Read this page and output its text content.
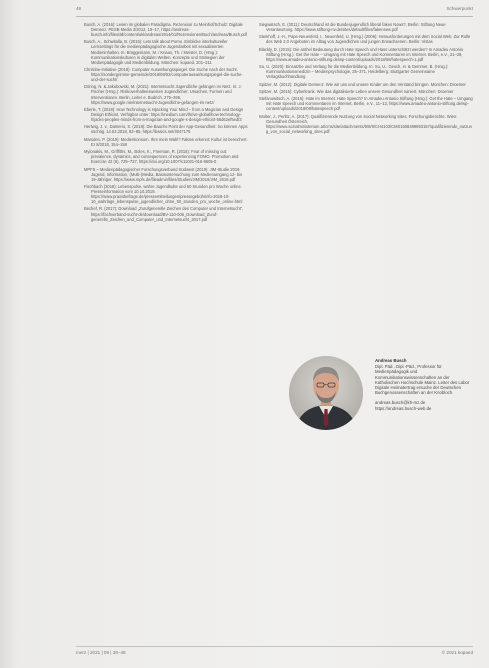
48	Schwerpunkt

Busch, A. (2016): Lesen im globalen Paradigma. Rezension zu Meinhof/Schulz: Digitale Demenz. PESB Media 3/2012, 15–17, https://andreas-busch.info/files/all/content/ukl/andreas/2014/01/Rezensionen/Buch/andreas/Busch.pdf

Busch, A., Schwitalla, B. (2016): Lets talk about Porno. Einblicke interkultureller Lernsettings für die medienpädagogische Jugendarbeit mit sexualisierten Medieninhalten. In: Brüggemann, M. / Knaus, Th. / Meister, D. (Hrsg.): Kommunikationskulturen in digitalen Welten. Konzepte und Strategien der Medienpädagogik und Medienbildung. München: kopaed, 201–211

Christine-Initiative (2018): Computer Auswirkungsspiegel. Die Suche nach der Sucht. https://sondergrimme-gemeinde/2018/08/02/computerauswirkungspiegel-die-suche-und-der-sucht/

Döring, N. & Jakubowski, M. (2021): Internetsucht Jugendliche gefangen im Netz. In: J. Fischer (Hrsg.): Risikoverhaltensweisen Jugendlicher: Ursachen, Formen und Interventionen. Berlin, Leiter e. Budrich, 275–295, https://www.google.me/internetsucht-Jugendliche-gefangen-im-netz/

Eberle, T. (2019): How Technology is Hijacking Your Mind – from a Magician and Design Design Ethicist. Verfügbar unter: https://medium.com/thrive-global/how-technology-hijacks-peoples-minds-from-a-magician-and-google-s-design-ethicist-56d62ef5edf3

Hertwig, J. v., Damerio, S. (2018): Die Bauchs Point der App-Gesundheit: So können Apps süchtig. 14.02.2018, 83–85, https://basics.net/4047175

Marsden, P. (2019): Medienkonsum. Ihre mein Wahl? Fakten erkennt: Kultur ist bereichert. Er 8/2018, 154–158

Mylonakis, M., Griffiths, M., Boles, K., Freeman, R. (2016): Fear of missing out: prevalence, dynamics, and consequences of experiencing FOMO. Promotion and Exercise 42 (5), 725–737, https://doi.org/10.1007/s11031-016-9605-0

MPFS – Medienpädagogischer Forschungsverbund Südwest (2019): JIM-Studie 2019. Jugend, Information, (Multi-)Media. Basisuntersuchung zum Medienumgang 12- bis 19-Jähriger. https://www.mpfs.de/fileadmin/files/Studien/JIM/2019/JIM_2019.pdf

Fischbach (2018): Lebenspulse, wahre Jugendkulte und 50 Stunden pro Woche online. Presseinformation vom 10.10.2018. https://www.praxisbefrage.de/pressemitteilungen/pressegebührinfo-2018-10-10_wahrlage_lebenspulse_jugendlicher_ohne_50_stunden_pro_woche_online.html

Bechef, R. (2017): Download „Zurufgenerelle Zeichen des Computer und Internetsucht“, https://fachverband-sucht-de/download/BV-110-006_Download_Zurufgenerelle_Zeichen_und_Computer_und_Internetsucht_2017.pdf

Siegwatsch, E. (2011): Deutschland ist die Bundesjugendlich liberal fakes Nows?, Berlin: Stiftung Neue Verantwortung. https://www.stiftung-nv.de/sites/default/files/fakenews.pdf

Steinhoff, J.-H., Pape-Neuenfeld, I., Neuenfeld, U. (Hrsg.) (2006): Herausforderungen mit dem Social Web. Zur Rolle des Web 2.0 Angeboten im Alltag von Jugendlichen und jungen Erwachsenen. Berlin: Vistas

Blackly, D. (2015): Die anthel Bedeutung durch Hate Speech und Hass unterschätzt werden? In Amadeu Antonio Stiftung (Hrsg.): Get the Hate – Umgang mit Hate Speech und Kommentaren im Internet. Berlin, e.V., 21–29, https://www.amadeu-antonio-stiftung.de/wp-content/uploads/2018/08/hatespeech-1.pdf

Su, U. (2020): Einsatzbe und Verlang für die Medienbildung. In: Su, U., Gesch, H. & Gemmer, B. (Hrsg.): Kommunikationsmedizin – Medienpsychologie, 25–371, Heidelberg: Stuttgarter Gemeinsame Verlagsbuchhandlung

Spitzer, M. (2012): Digitale Demenz. Wie wir uns und unsere Kinder um den Verstand bringen. München: Droemer

Spitzer, M. (2015): Cyberkrank. Wie das digitalisierte Leben unsere Gesundheit ruiniert. München: Droemer

Stefanowitsch, A. (2015): Hate im Internet. Hate Speech? In Amadeu Antonio Stiftung (Hrsg.): Get the Hate – Umgang mit Hate Speech und Kommentaren im Internet. Berlin, e.V., 11–13, https://www.amadeu-antonio-stiftung.de/wp-content/uploads/2018/08/hatespeech.pdf

Wolter, J., Perlitz, A. (2017): Qualifizierende Nutzung von Social Networking Sites. Forschungsberichte. Wien: Gesundheit Österreich, https://www.sozialministerium.at/cms/site/attachments/0/8/9/CH4103/CMS1508489893157/qualifizierende_nutzung_von_social_networking_sites.pdf

Andreas Busch
Dipl. Päd., Dipl.-Päd., Professor für Medienpädagogik und Kommunikationswissenschaften an der Katholischen Hochschule Mainz. Leiter des Labor Digitale Heimatertrag ersuche der Deutschen Buchgenossenschaften an der Knobloch.
andreas.busch@kh-mz.de
https://andreas.busch-web.de
merz | 2021 | 05 | 38–48	© 2021 kopaed
